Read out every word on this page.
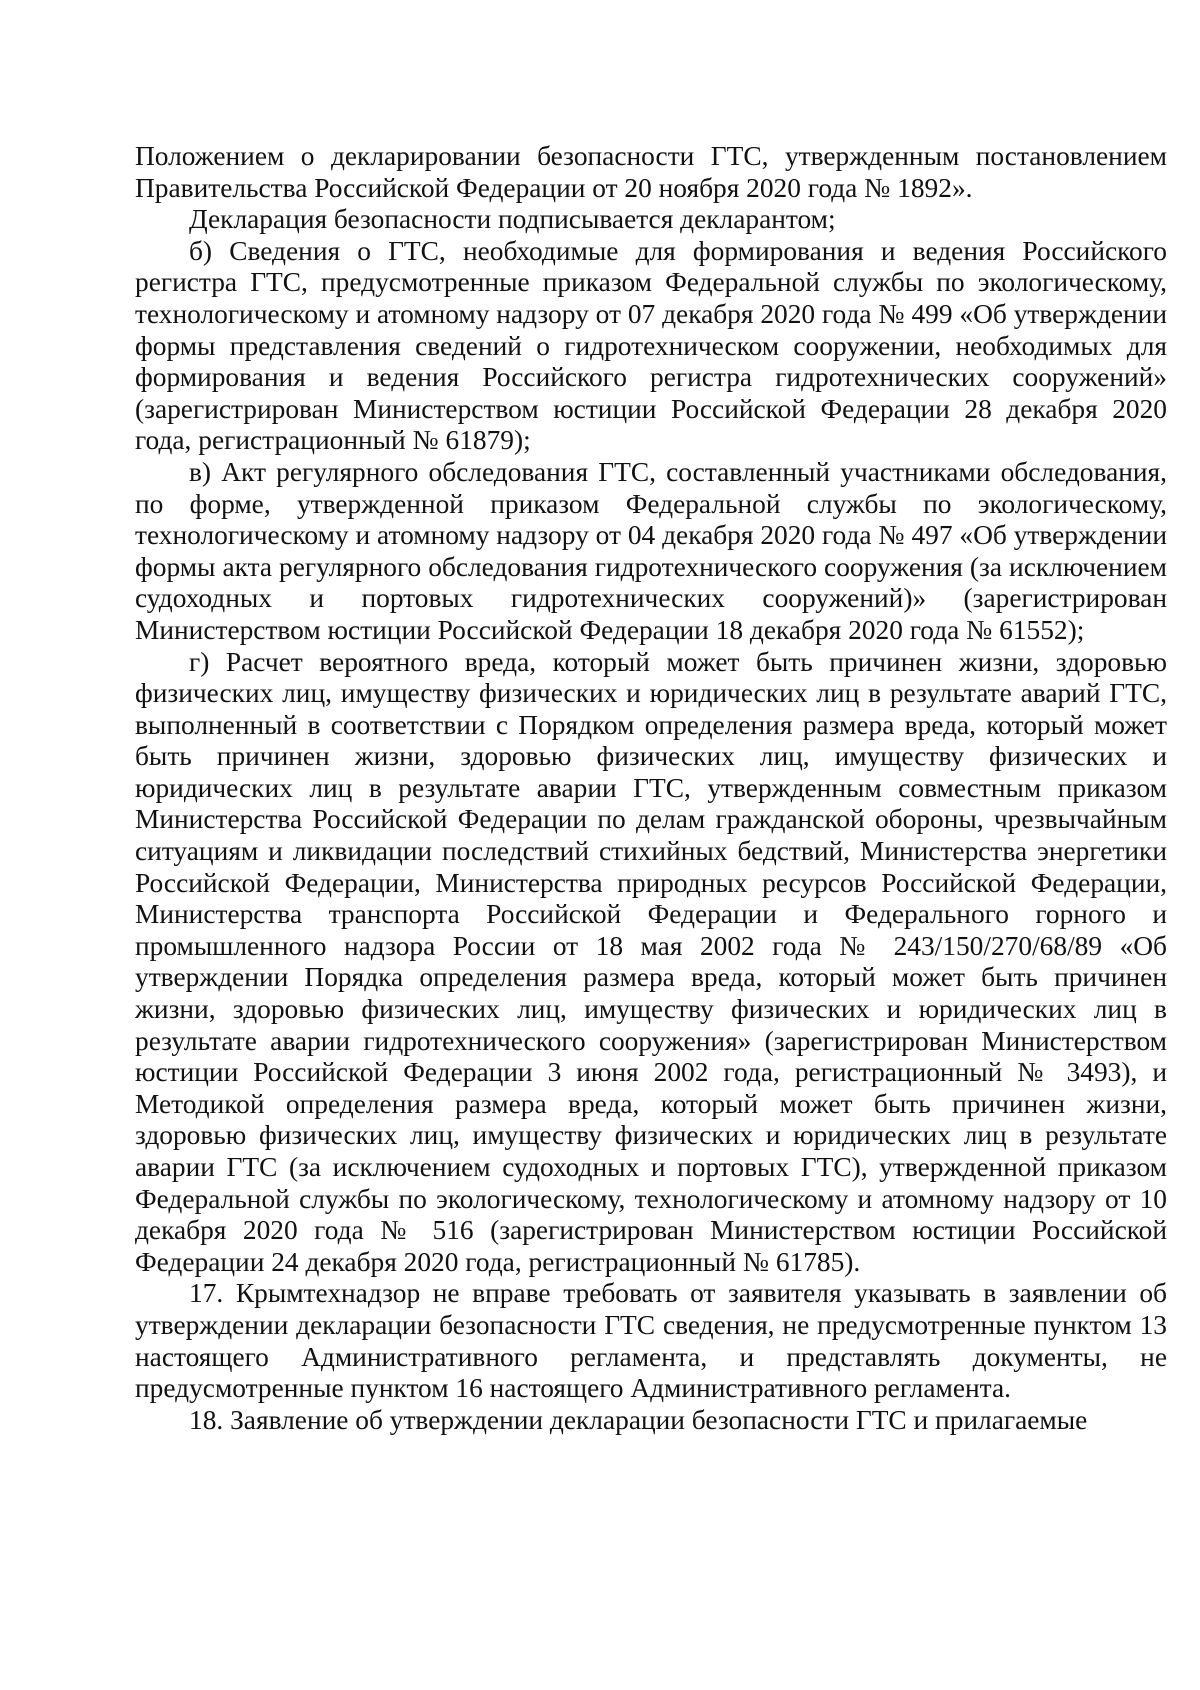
Положением о декларировании безопасности ГТС, утвержденным постановлением Правительства Российской Федерации от 20 ноября 2020 года № 1892».

Декларация безопасности подписывается декларантом;

б) Сведения о ГТС, необходимые для формирования и ведения Российского регистра ГТС, предусмотренные приказом Федеральной службы по экологическому, технологическому и атомному надзору от 07 декабря 2020 года № 499 «Об утверждении формы представления сведений о гидротехническом сооружении, необходимых для формирования и ведения Российского регистра гидротехнических сооружений» (зарегистрирован Министерством юстиции Российской Федерации 28 декабря 2020 года, регистрационный № 61879);

в) Акт регулярного обследования ГТС, составленный участниками обследования, по форме, утвержденной приказом Федеральной службы по экологическому, технологическому и атомному надзору от 04 декабря 2020 года № 497 «Об утверждении формы акта регулярного обследования гидротехнического сооружения (за исключением судоходных и портовых гидротехнических сооружений)» (зарегистрирован Министерством юстиции Российской Федерации 18 декабря 2020 года № 61552);

г) Расчет вероятного вреда, который может быть причинен жизни, здоровью физических лиц, имуществу физических и юридических лиц в результате аварий ГТС, выполненный в соответствии с Порядком определения размера вреда, который может быть причинен жизни, здоровью физических лиц, имуществу физических и юридических лиц в результате аварии ГТС, утвержденным совместным приказом Министерства Российской Федерации по делам гражданской обороны, чрезвычайным ситуациям и ликвидации последствий стихийных бедствий, Министерства энергетики Российской Федерации, Министерства природных ресурсов Российской Федерации, Министерства транспорта Российской Федерации и Федерального горного и промышленного надзора России от 18 мая 2002 года № 243/150/270/68/89 «Об утверждении Порядка определения размера вреда, который может быть причинен жизни, здоровью физических лиц, имуществу физических и юридических лиц в результате аварии гидротехнического сооружения» (зарегистрирован Министерством юстиции Российской Федерации 3 июня 2002 года, регистрационный № 3493), и Методикой определения размера вреда, который может быть причинен жизни, здоровью физических лиц, имуществу физических и юридических лиц в результате аварии ГТС (за исключением судоходных и портовых ГТС), утвержденной приказом Федеральной службы по экологическому, технологическому и атомному надзору от 10 декабря 2020 года № 516 (зарегистрирован Министерством юстиции Российской Федерации 24 декабря 2020 года, регистрационный № 61785).

17. Крымтехнадзор не вправе требовать от заявителя указывать в заявлении об утверждении декларации безопасности ГТС сведения, не предусмотренные пунктом 13 настоящего Административного регламента, и представлять документы, не предусмотренные пунктом 16 настоящего Административного регламента.

18. Заявление об утверждении декларации безопасности ГТС и прилагаемые
